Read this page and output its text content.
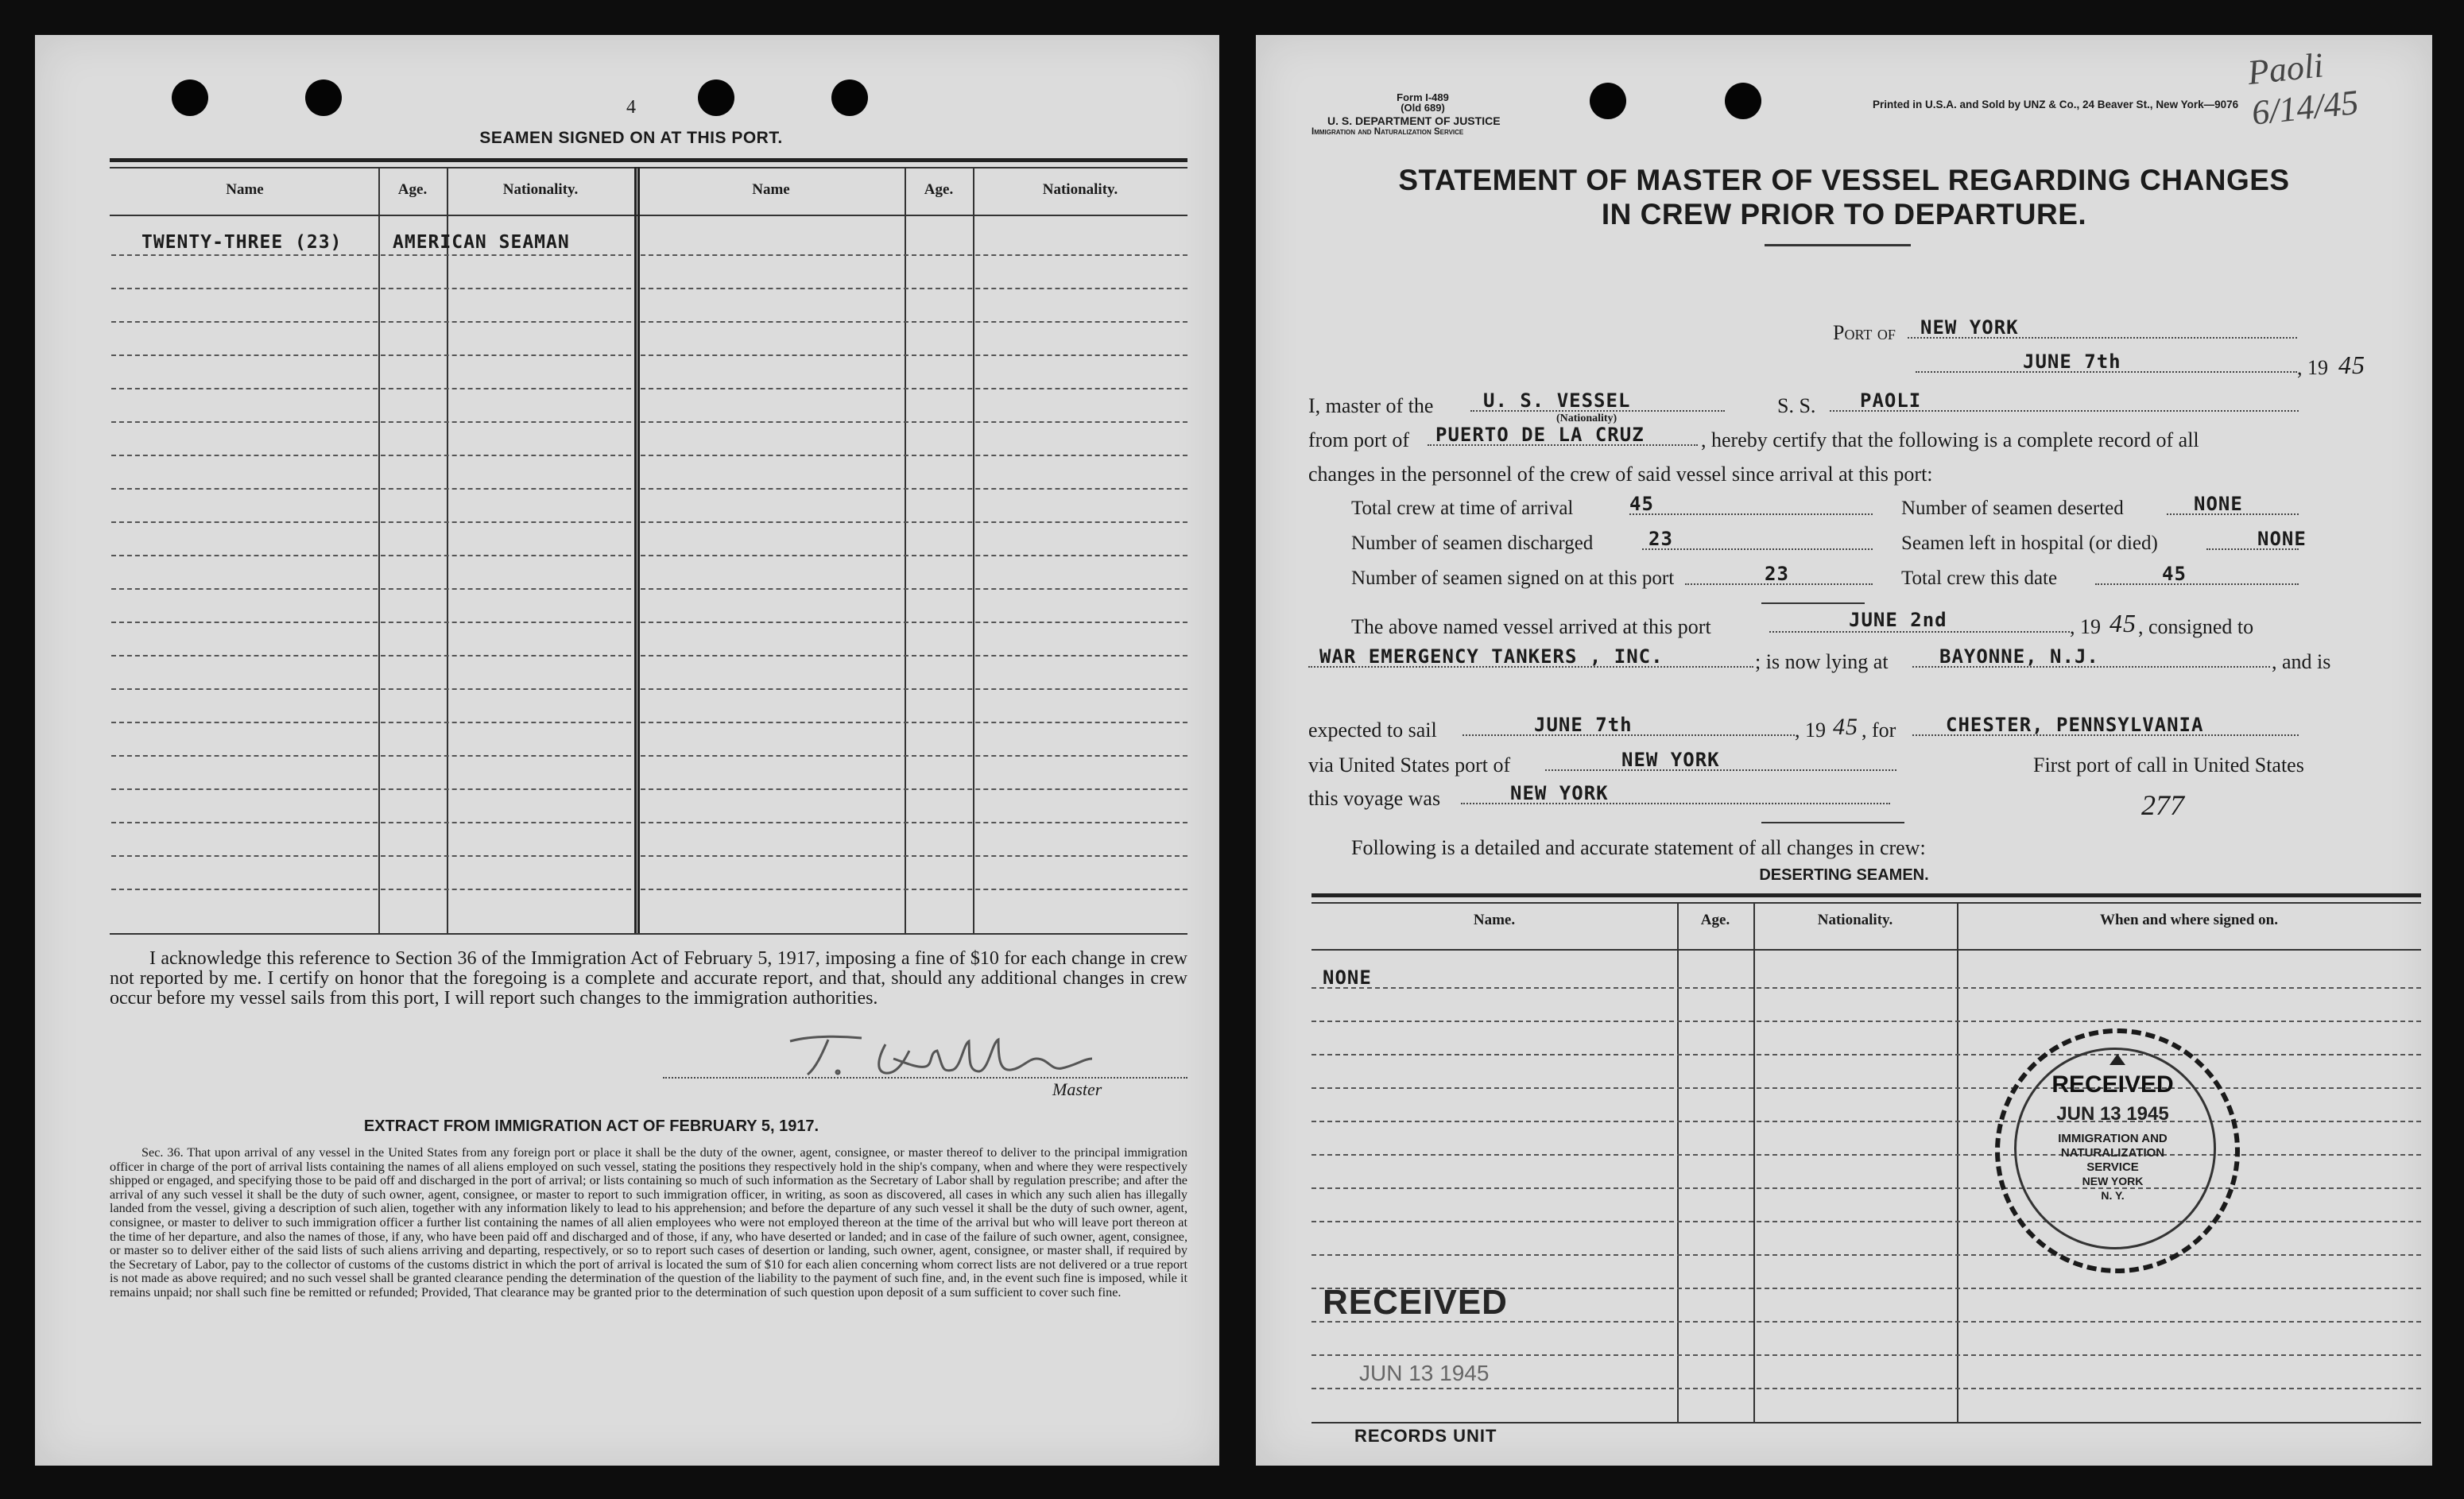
4
SEAMEN SIGNED ON AT THIS PORT.
Name	Age.	Nationality.	Name	Age.	Nationality.
TWENTY-THREE (23)	AMERICAN SEAMAN
I acknowledge this reference to Section 36 of the Immigration Act of February 5, 1917, imposing a fine of $10 for each change in crew not reported by me. I certify on honor that the foregoing is a complete and accurate report, and that, should any additional changes in crew occur before my vessel sails from this port, I will report such changes to the immigration authorities.
Master
EXTRACT FROM IMMIGRATION ACT OF FEBRUARY 5, 1917.
Sec. 36. That upon arrival of any vessel in the United States from any foreign port or place it shall be the duty of the owner, agent, consignee, or master thereof to deliver to the principal immigration officer in charge of the port of arrival lists containing the names of all aliens employed on such vessel, stating the positions they respectively hold in the ship's company, when and where they were respectively shipped or engaged, and specifying those to be paid off and discharged in the port of arrival; or lists containing so much of such information as the Secretary of Labor shall by regulation prescribe; and after the arrival of any such vessel it shall be the duty of such owner, agent, consignee, or master to report to such immigration officer, in writing, as soon as discovered, all cases in which any such alien has illegally landed from the vessel, giving a description of such alien, together with any information likely to lead to his apprehension; and before the departure of any such vessel it shall be the duty of such owner, agent, consignee, or master to deliver to such immigration officer a further list containing the names of all alien employees who were not employed thereon at the time of the arrival but who will leave port thereon at the time of her departure, and also the names of those, if any, who have been paid off and discharged and of those, if any, who have deserted or landed; and in case of the failure of such owner, agent, consignee, or master so to deliver either of the said lists of such aliens arriving and departing, respectively, or so to report such cases of desertion or landing, such owner, agent, consignee, or master shall, if required by the Secretary of Labor, pay to the collector of customs of the customs district in which the port of arrival is located the sum of $10 for each alien concerning whom correct lists are not delivered or a true report is not made as above required; and no such vessel shall be granted clearance pending the determination of the question of the liability to the payment of such fine, and, in the event such fine is imposed, while it remains unpaid; nor shall such fine be remitted or refunded; Provided, That clearance may be granted prior to the determination of such question upon deposit of a sum sufficient to cover such fine.
Form I-489
(Old 689)
U. S. DEPARTMENT OF JUSTICE
Immigration and Naturalization Service
Printed in U.S.A. and Sold by UNZ & Co., 24 Beaver St., New York—9076
Paoli 6/14/45
STATEMENT OF MASTER OF VESSEL REGARDING CHANGES
IN CREW PRIOR TO DEPARTURE.
Port of NEW YORK
JUNE 7th	, 19 45
I, master of the	U. S. VESSEL
(Nationality)
S. S. PAOLI
from port of PUERTO DE LA CRUZ	, hereby certify that the following is a complete record of all
changes in the personnel of the crew of said vessel since arrival at this port:
Total crew at time of arrival	45	Number of seamen deserted	NONE
Number of seamen discharged	23	Seamen left in hospital (or died)	NONE
Number of seamen signed on at this port	23	Total crew this date	45
The above named vessel arrived at this port	JUNE 2nd	, 19 45 , consigned to
WAR EMERGENCY TANKERS , INC.	; is now lying at	BAYONNE, N.J.	, and is
expected to sail	JUNE 7th	, 19 45 , for	CHESTER, PENNSYLVANIA
via United States port of	NEW YORK	First port of call in United States
this voyage was	NEW YORK	277
Following is a detailed and accurate statement of all changes in crew:
DESERTING SEAMEN.
Name.	Age.	Nationality.	When and where signed on.
NONE
RECEIVED
JUN 13 1945
RECORDS UNIT
RECEIVED
JUN 13 1945
IMMIGRATION AND
NATURALIZATION
SERVICE
NEW YORK
N. Y.
